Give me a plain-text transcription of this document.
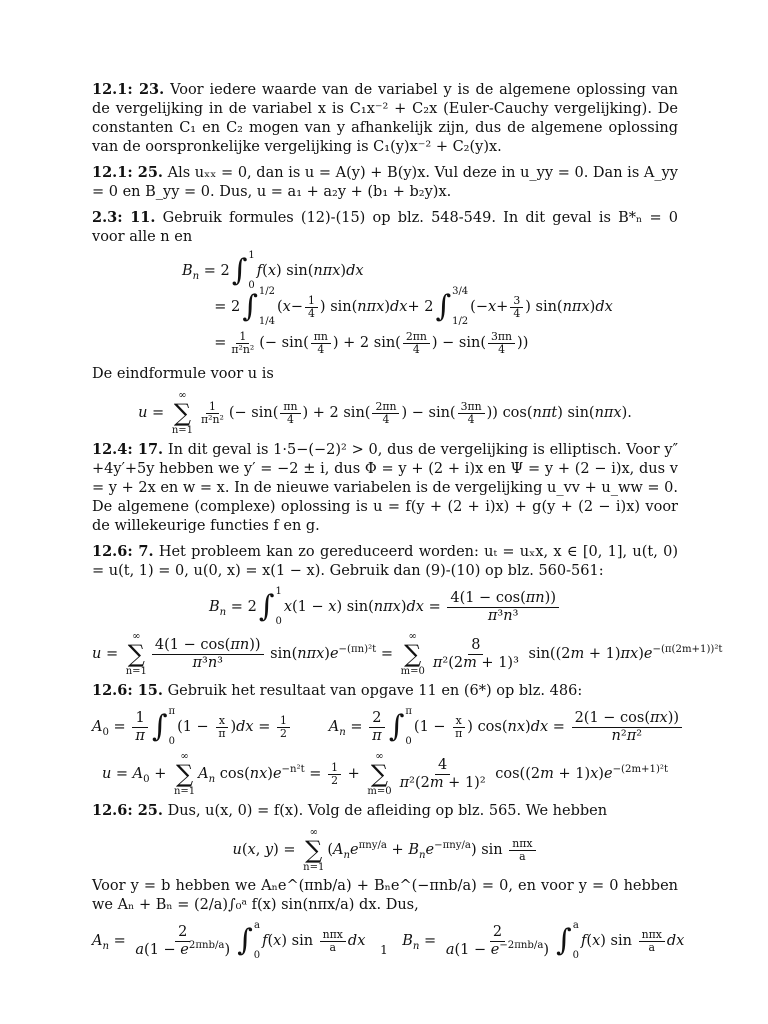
12.1: 23. Voor iedere waarde van de variabel y is de algemene oplossing van de vergelijking in de variabel x is C₁x⁻² + C₂x (Euler-Cauchy vergelijking). De constanten C₁ en C₂ mogen van y afhankelijk zijn, dus de algemene oplossing van de oorspronkelijke vergelijking is C₁(y)x⁻² + C₂(y)x.

12.1: 25. Als uₓₓ = 0, dan is u = A(y) + B(y)x. Vul deze in u_yy = 0. Dan is A_yy = 0 en B_yy = 0. Dus, u = a₁ + a₂y + (b₁ + b₂y)x.

2.3: 11. Gebruik formules (12)-(15) op blz. 548-549. In dit geval is B*ₙ = 0 voor alle n en

$B_n = 2$ ∫ 1
0
f ( x ) sin( nπx ) dx
= 2 ∫ 1/2
1/4
( $x - \frac{1}{4}$ ) sin( nπx ) dx + 2 ∫ 3/4
1/2
(− $x + \frac{3}{4}$ ) sin( nπx ) dx
= $\frac{1}{\text{π²n²}}$ (− $\sin( \frac{\pi n}{4}$ ) + 2 $\sin( \frac{2\pi n}{4}$ ) − $\sin( \frac{3\pi n}{4}$ ))

De eindformule voor u is

u =
∞
∑
n=1
$\frac{1}{\text{π²n²}}$ (− $\sin( \frac{\pi n}{4}$ ) + 2 $\sin( \frac{2\pi n}{4}$ ) − $\sin( \frac{3\pi n}{4}$ )) cos(nπt) sin(nπx).

12.4: 17. In dit geval is 1·5−(−2)² > 0, dus de vergelijking is elliptisch. Voor y″+4y′+5y hebben we y′ = −2 ± i, dus Φ = y + (2 + i)x en Ψ = y + (2 − i)x, dus v = y + 2x en w = x. In de nieuwe variabelen is de vergelijking u_vv + u_ww = 0. De algemene (complexe) oplossing is u = f(y + (2 + i)x) + g(y + (2 − i)x) voor de willekeurige functies f en g.

12.6: 7. Het probleem kan zo gereduceerd worden: uₜ = uₓx, x ∈ [0, 1], u(t, 0) = u(t, 1) = 0, u(0, x) = x(1 − x). Gebruik dan (9)-(10) op blz. 560-561:

$B_n = 2$ ∫ 1
0
x(1 − x) $\sin(n\pi x)dx = \frac{4(1 - \cos(\pi n))}{\text{π³n³}}$
u =
∞
∑
$n=1 \frac{4(1 - \cos(\pi n))}{\text{π³n³}} \sin(n\pi x)e^{-(\pi n)^2t}$ =
∞
∑
$m=0 \frac{8}{\text{π²(2m + 1)³}} \sin((2m + 1)\pi x)e^{-(\pi(2m+1))^2t}$

12.6: 15. Gebruik het resultaat van opgave 11 en (6*) op blz. 486:

$A_0 = \frac{1}{\pi}$ ∫ π
0
$(1 - \frac{x}{\pi} )dx = \frac{1}{2}$	$A_n = \frac{2}{\pi}$ ∫ π
0
($1 - \frac{x}{\pi}$ ) $\cos(nx)dx = \frac{2(1 - \cos(\pi x))}{\text{n²π²}}$
$u = A_0$ +
∞
∑
n=1
$A_n$ $\cos(nx)e^{-n^2t} = \frac{1}{2}$ +
∞
∑
$m=0 \frac{4}{\text{π²(2m + 1)²}} \cos((2m + 1)x)e^{-(2m+1)^2t}$

12.6: 25. Dus, u(x, 0) = f(x). Volg de afleiding op blz. 565. We hebben

u(x, y) =
∞
∑
n=1
$(A_ne^{\pi ny/a} + B_ne^{-\pi ny/a})$ $\sin \frac{\text{nπx}}{a}$

Voor y = b hebben we Aₙe^(πnb/a) + Bₙe^(−πnb/a) = 0, en voor y = 0 hebben we Aₙ + Bₙ = (2/a)∫₀ᵃ f(x) sin(nπx/a) dx. Dus,

$A_n = \frac{2}{a(1 - e^{2\pi nb/a})}$ ∫ a
0
f(x) $\sin \frac{\text{nπx}}{a}$ dx	$B_n = \frac{2}{a(1 - e^{-2\pi nb/a})}$ ∫ a
0
f(x) $\sin \frac{\text{nπx}}{a}$ dx
1
